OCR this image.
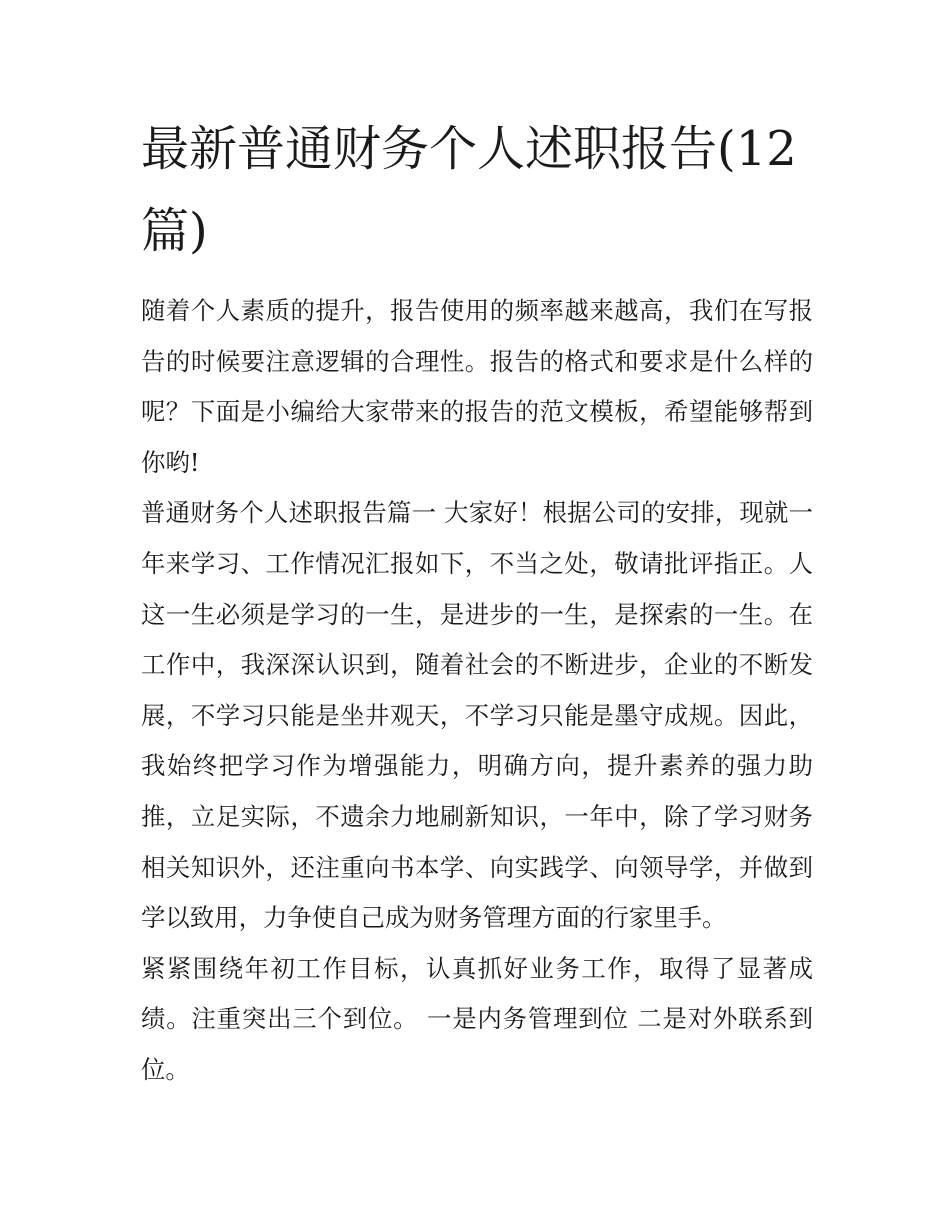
最新普通财务个人述职报告(12篇)

随着个人素质的提升，报告使用的频率越来越高，我们在写报告的时候要注意逻辑的合理性。报告的格式和要求是什么样的呢？下面是小编给大家带来的报告的范文模板，希望能够帮到你哟!

普通财务个人述职报告篇一 大家好！根据公司的安排，现就一年来学习、工作情况汇报如下，不当之处，敬请批评指正。人这一生必须是学习的一生，是进步的一生，是探索的一生。在工作中，我深深认识到，随着社会的不断进步，企业的不断发展，不学习只能是坐井观天，不学习只能是墨守成规。因此，我始终把学习作为增强能力，明确方向，提升素养的强力助推，立足实际，不遗余力地刷新知识，一年中，除了学习财务相关知识外，还注重向书本学、向实践学、向领导学，并做到学以致用，力争使自己成为财务管理方面的行家里手。

紧紧围绕年初工作目标，认真抓好业务工作，取得了显著成绩。注重突出三个到位。 一是内务管理到位 二是对外联系到位。
